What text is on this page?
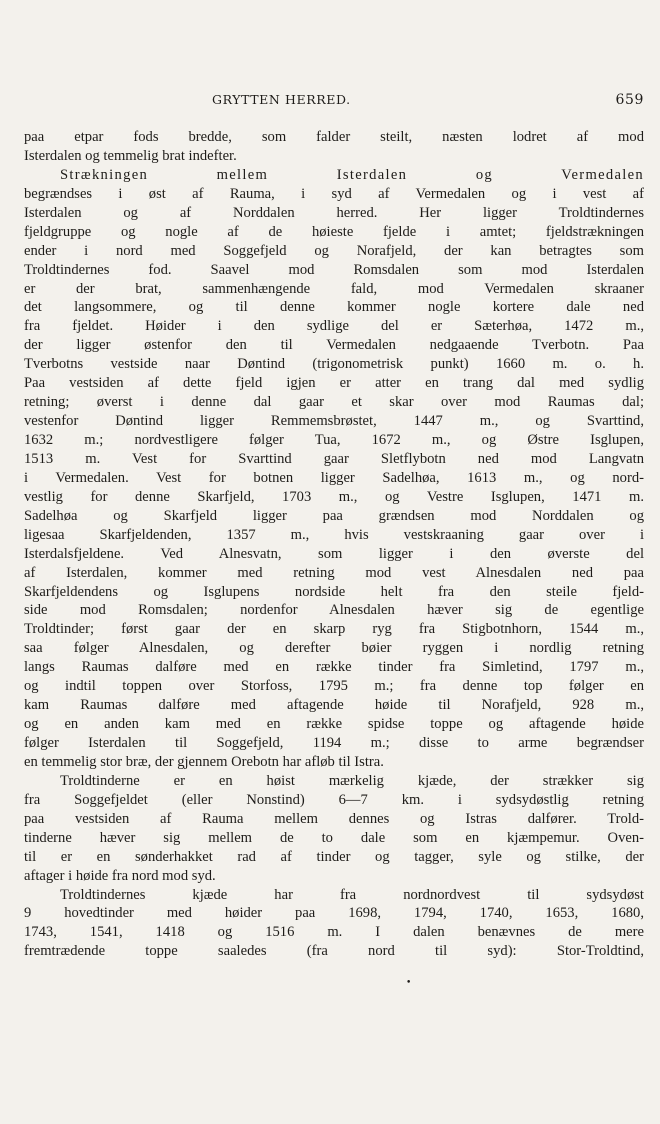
GRYTTEN HERRED.	659
paa etpar fods bredde, som falder steilt, næsten lodret af mod
Isterdalen og temmelig brat indefter.
Strækningen mellem Isterdalen og Vermedalen
begrændses i øst af Rauma, i syd af Vermedalen og i vest af
Isterdalen og af Norddalen herred. Her ligger Troldtindernes
fjeldgruppe og nogle af de høieste fjelde i amtet; fjeldstrækningen
ender i nord med Soggefjeld og Norafjeld, der kan betragtes som
Troldtindernes fod. Saavel mod Romsdalen som mod Isterdalen
er der brat, sammenhængende fald, mod Vermedalen skraaner
det langsommere, og til denne kommer nogle kortere dale ned
fra fjeldet. Høider i den sydlige del er Sæterhøa, 1472 m.,
der ligger østenfor den til Vermedalen nedgaaende Tverbotn. Paa
Tverbotns vestside naar Døntind (trigonometrisk punkt) 1660 m. o. h.
Paa vestsiden af dette fjeld igjen er atter en trang dal med sydlig
retning; øverst i denne dal gaar et skar over mod Raumas dal;
vestenfor Døntind ligger Remmemsbrøstet, 1447 m., og Svarttind,
1632 m.; nordvestligere følger Tua, 1672 m., og Østre Isglupen,
1513 m. Vest for Svarttind gaar Sletflybotn ned mod Langvatn
i Vermedalen. Vest for botnen ligger Sadelhøa, 1613 m., og nord-
vestlig for denne Skarfjeld, 1703 m., og Vestre Isglupen, 1471 m.
Sadelhøa og Skarfjeld ligger paa grændsen mod Norddalen og
ligesaa Skarfjeldenden, 1357 m., hvis vestskraaning gaar over i
Isterdalsfjeldene. Ved Alnesvatn, som ligger i den øverste del
af Isterdalen, kommer med retning mod vest Alnesdalen ned paa
Skarfjeldendens og Isglupens nordside helt fra den steile fjeld-
side mod Romsdalen; nordenfor Alnesdalen hæver sig de egentlige
Troldtinder; først gaar der en skarp ryg fra Stigbotnhorn, 1544 m.,
saa følger Alnesdalen, og derefter bøier ryggen i nordlig retning
langs Raumas dalføre med en række tinder fra Simletind, 1797 m.,
og indtil toppen over Storfoss, 1795 m.; fra denne top følger en
kam Raumas dalføre med aftagende høide til Norafjeld, 928 m.,
og en anden kam med en række spidse toppe og aftagende høide
følger Isterdalen til Soggefjeld, 1194 m.; disse to arme begrændser
en temmelig stor bræ, der gjennem Orebotn har afløb til Istra.
Troldtinderne er en høist mærkelig kjæde, der strækker sig
fra Soggefjeldet (eller Nonstind) 6—7 km. i sydsydøstlig retning
paa vestsiden af Rauma mellem dennes og Istras dalfører. Trold-
tinderne hæver sig mellem de to dale som en kjæmpemur. Oven-
til er en sønderhakket rad af tinder og tagger, syle og stilke, der
aftager i høide fra nord mod syd.
Troldtindernes kjæde har fra nordnordvest til sydsydøst
9 hovedtinder med høider paa 1698, 1794, 1740, 1653, 1680,
1743, 1541, 1418 og 1516 m. I dalen benævnes de mere
fremtrædende toppe saaledes (fra nord til syd): Stor-Troldtind,
•
